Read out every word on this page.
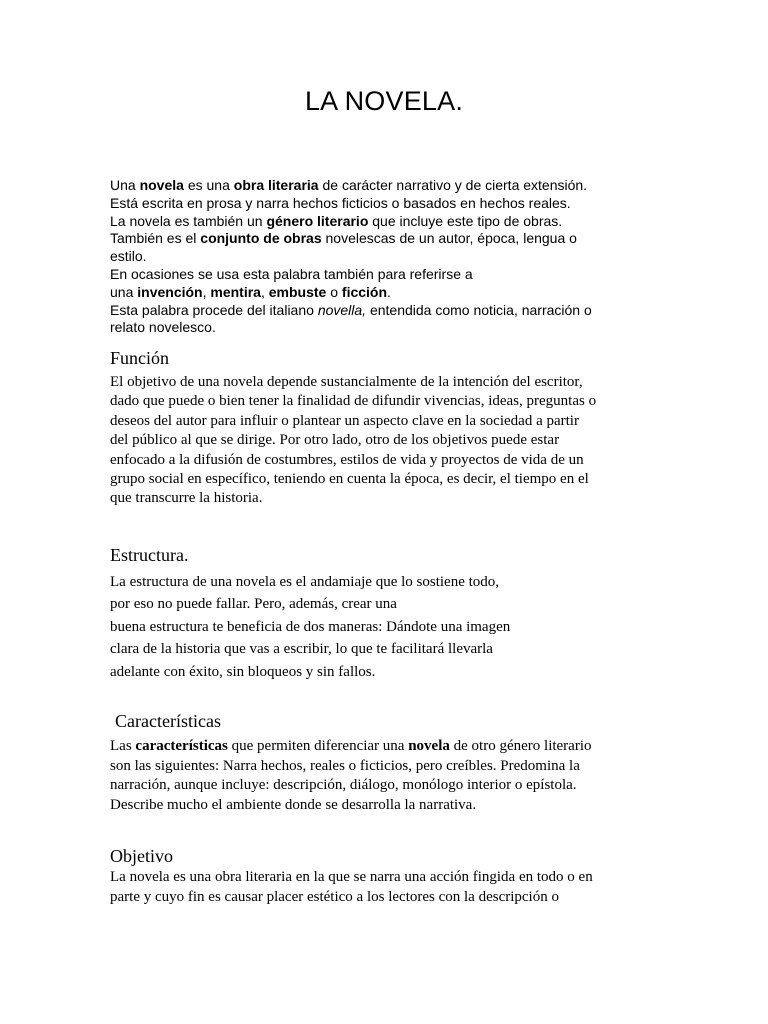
LA NOVELA.
Una novela es una obra literaria de carácter narrativo y de cierta extensión.
Está escrita en prosa y narra hechos ficticios o basados en hechos reales.
La novela es también un género literario que incluye este tipo de obras.
También es el conjunto de obras novelescas de un autor, época, lengua o
estilo.
En ocasiones se usa esta palabra también para referirse a
una invención, mentira, embuste o ficción.
Esta palabra procede del italiano novella, entendida como noticia, narración o
relato novelesco.
Función
El objetivo de una novela depende sustancialmente de la intención del escritor,
dado que puede o bien tener la finalidad de difundir vivencias, ideas, preguntas o
deseos del autor para influir o plantear un aspecto clave en la sociedad a partir
del público al que se dirige. Por otro lado, otro de los objetivos puede estar
enfocado a la difusión de costumbres, estilos de vida y proyectos de vida de un
grupo social en específico, teniendo en cuenta la época, es decir, el tiempo en el
que transcurre la historia.
Estructura.
La estructura de una novela es el andamiaje que lo sostiene todo,
por eso no puede fallar. Pero, además, crear una
buena estructura te beneficia de dos maneras: Dándote una imagen
clara de la historia que vas a escribir, lo que te facilitará llevarla
adelante con éxito, sin bloqueos y sin fallos.
Características
Las características que permiten diferenciar una novela de otro género literario
son las siguientes: Narra hechos, reales o ficticios, pero creíbles. Predomina la
narración, aunque incluye: descripción, diálogo, monólogo interior o epístola.
Describe mucho el ambiente donde se desarrolla la narrativa.
Objetivo
La novela es una obra literaria en la que se narra una acción fingida en todo o en
parte y cuyo fin es causar placer estético a los lectores con la descripción o
